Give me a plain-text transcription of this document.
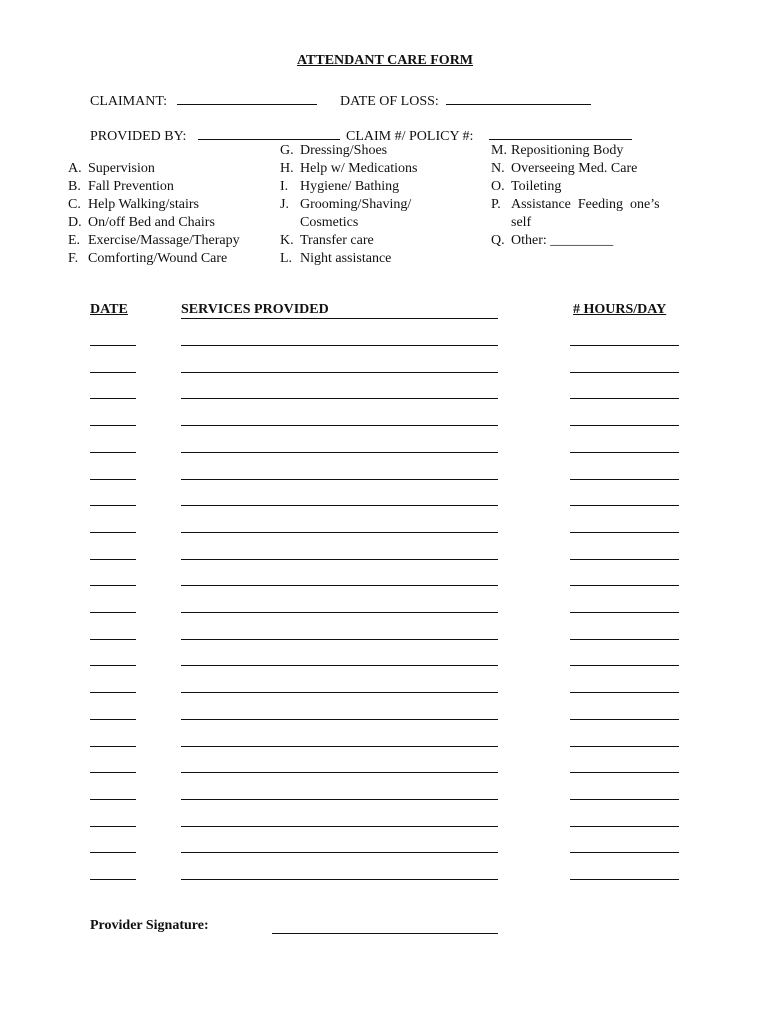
ATTENDANT CARE FORM
CLAIMANT:	DATE OF LOSS:
PROVIDED BY:	CLAIM #/ POLICY #:
A. Supervision
B. Fall Prevention
C. Help Walking/stairs
D. On/off Bed and Chairs
E. Exercise/Massage/Therapy
F. Comforting/Wound Care
G. Dressing/Shoes
H. Help w/ Medications
I. Hygiene/ Bathing
J. Grooming/Shaving/
Cosmetics
K. Transfer care
L. Night assistance
M. Repositioning Body
N. Overseeing Med. Care
O. Toileting
P. Assistance  Feeding  one’s
self
Q. Other: _________
DATE	SERVICES PROVIDED	# HOURS/DAY
Provider Signature:
